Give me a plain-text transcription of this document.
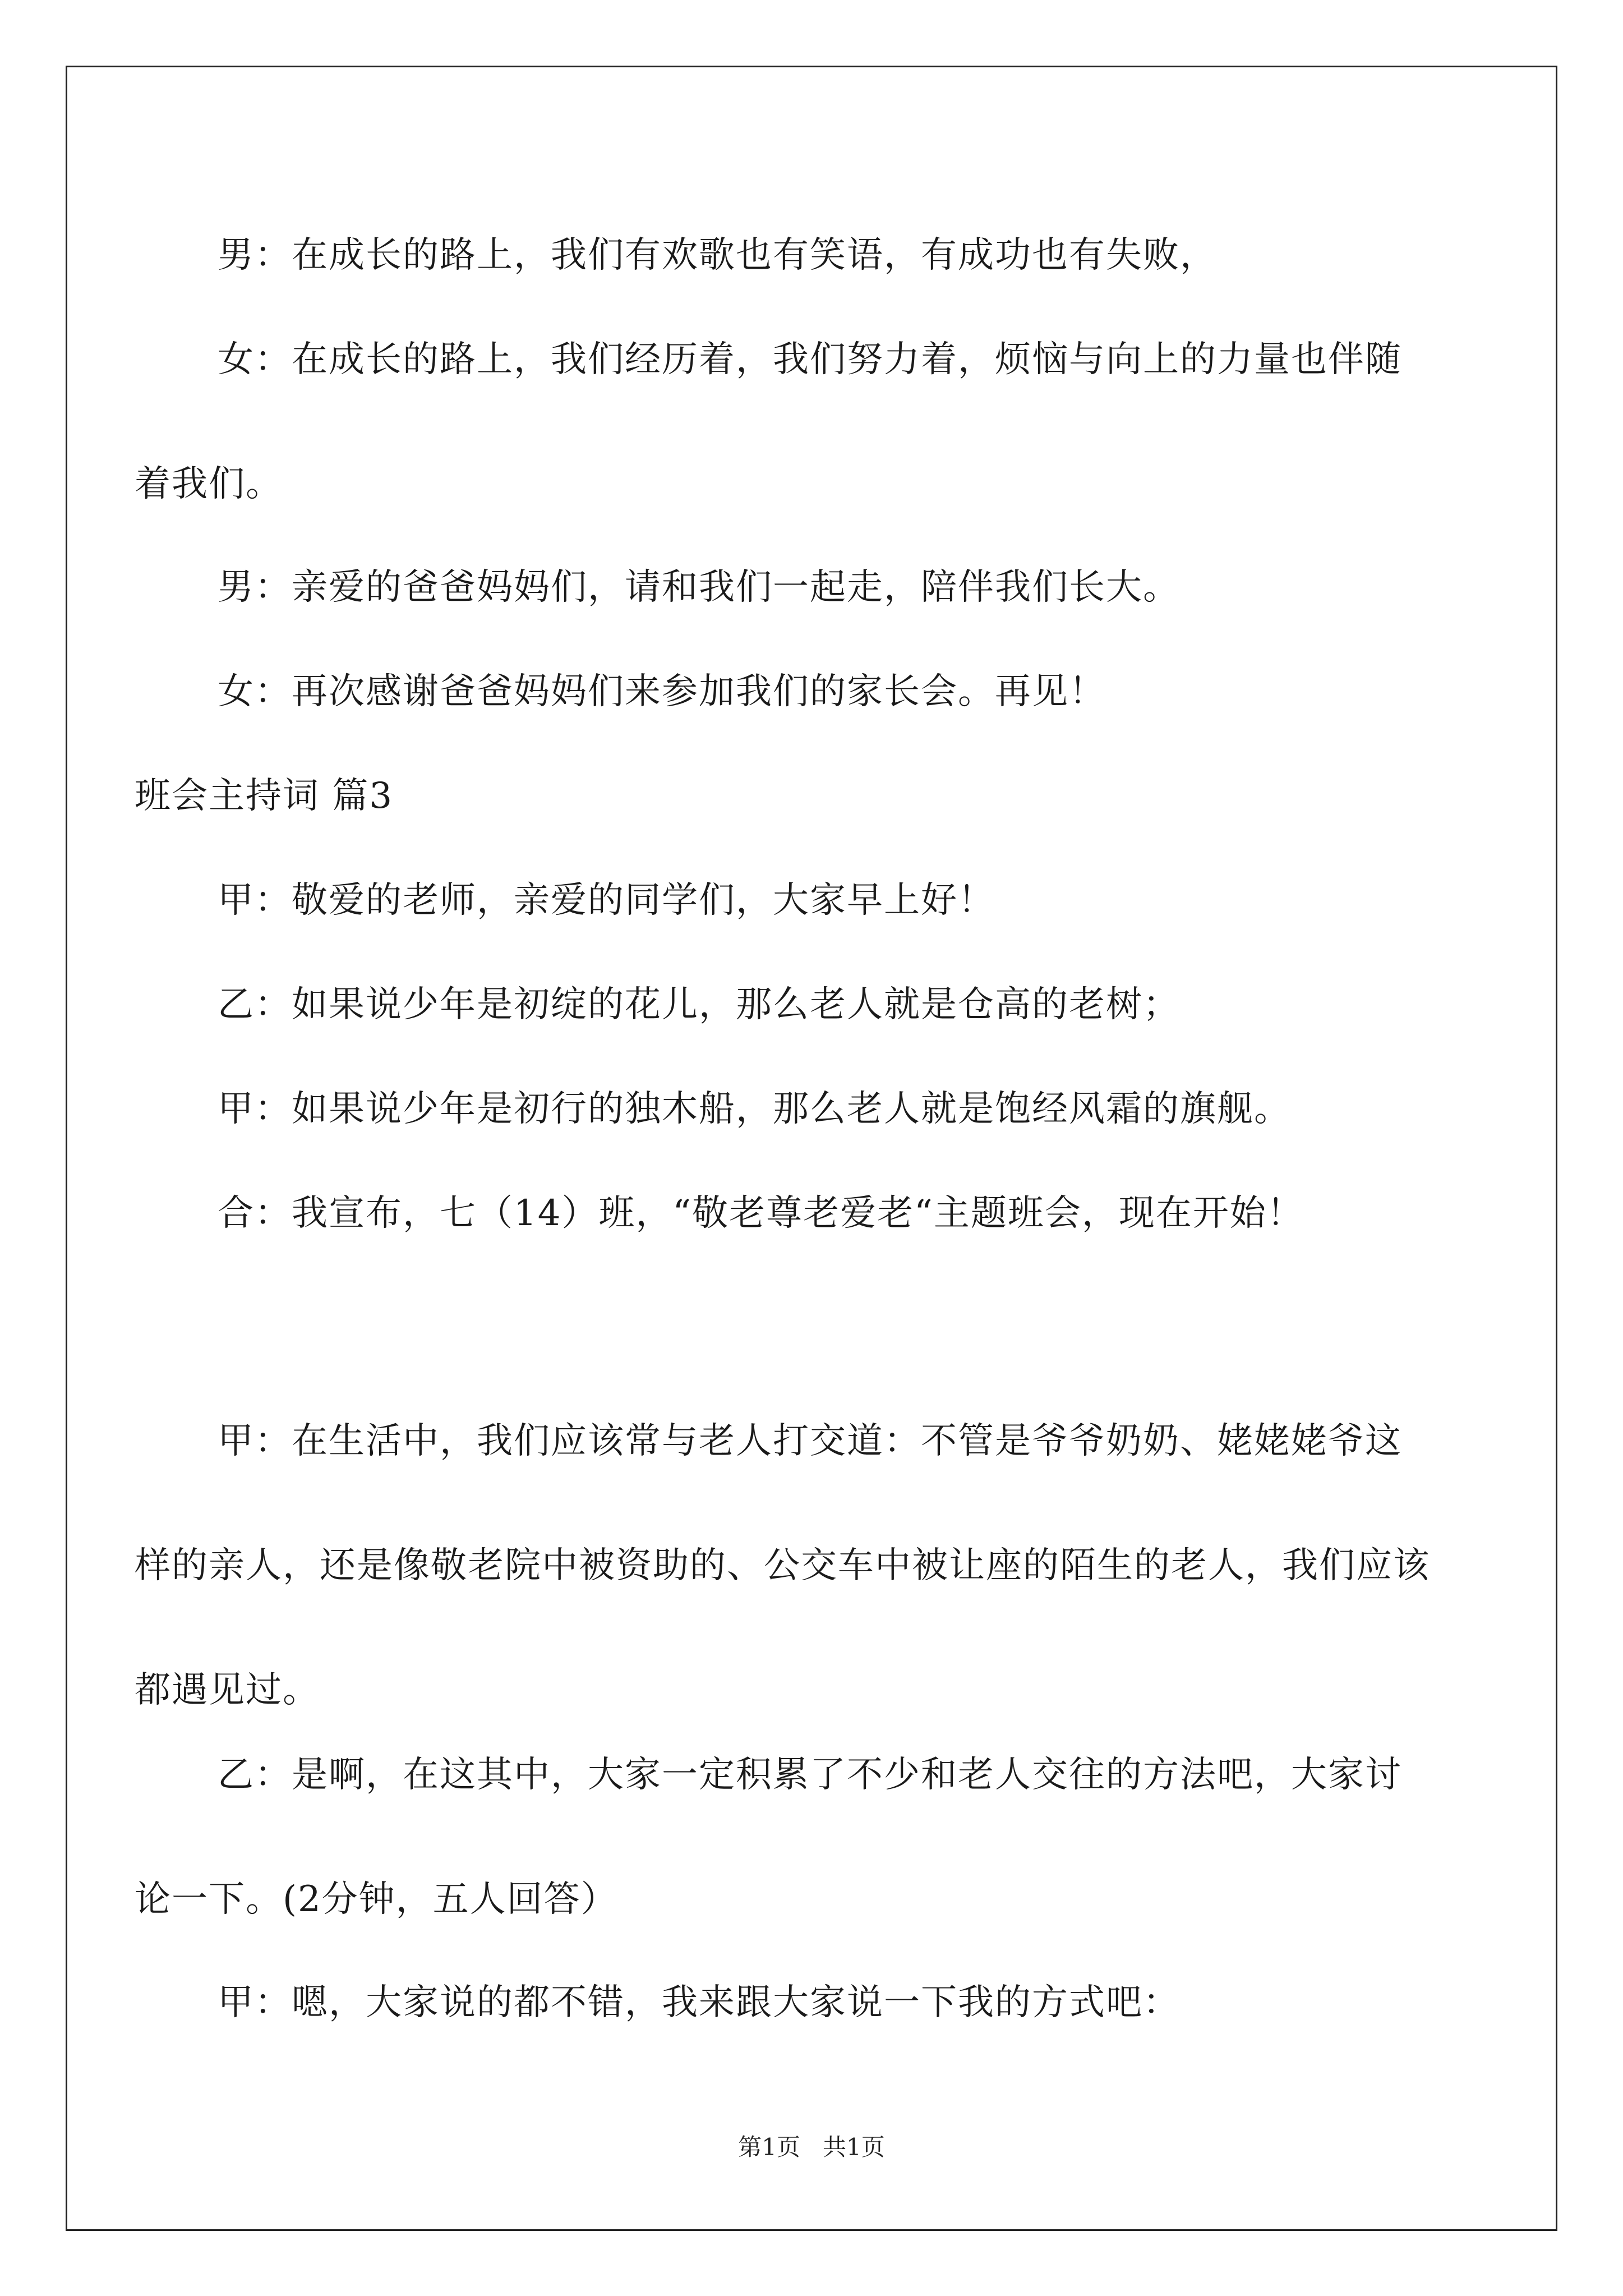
男：在成长的路上，我们有欢歌也有笑语，有成功也有失败，

女：在成长的路上，我们经历着，我们努力着，烦恼与向上的力量也伴随着我们。

男：亲爱的爸爸妈妈们，请和我们一起走，陪伴我们长大。

女：再次感谢爸爸妈妈们来参加我们的家长会。再见！

班会主持词 篇3

甲：敬爱的老师，亲爱的同学们，大家早上好！

乙：如果说少年是初绽的花儿，那么老人就是仓高的老树；

甲：如果说少年是初行的独木船，那么老人就是饱经风霜的旗舰。

合：我宣布，七（14）班，“敬老尊老爱老“主题班会，现在开始！

甲：在生活中，我们应该常与老人打交道：不管是爷爷奶奶、姥姥姥爷这样的亲人，还是像敬老院中被资助的、公交车中被让座的陌生的老人，我们应该都遇见过。

乙：是啊，在这其中，大家一定积累了不少和老人交往的方法吧，大家讨论一下。(2分钟，五人回答）

甲：嗯，大家说的都不错，我来跟大家说一下我的方式吧：

第1页   共1页
